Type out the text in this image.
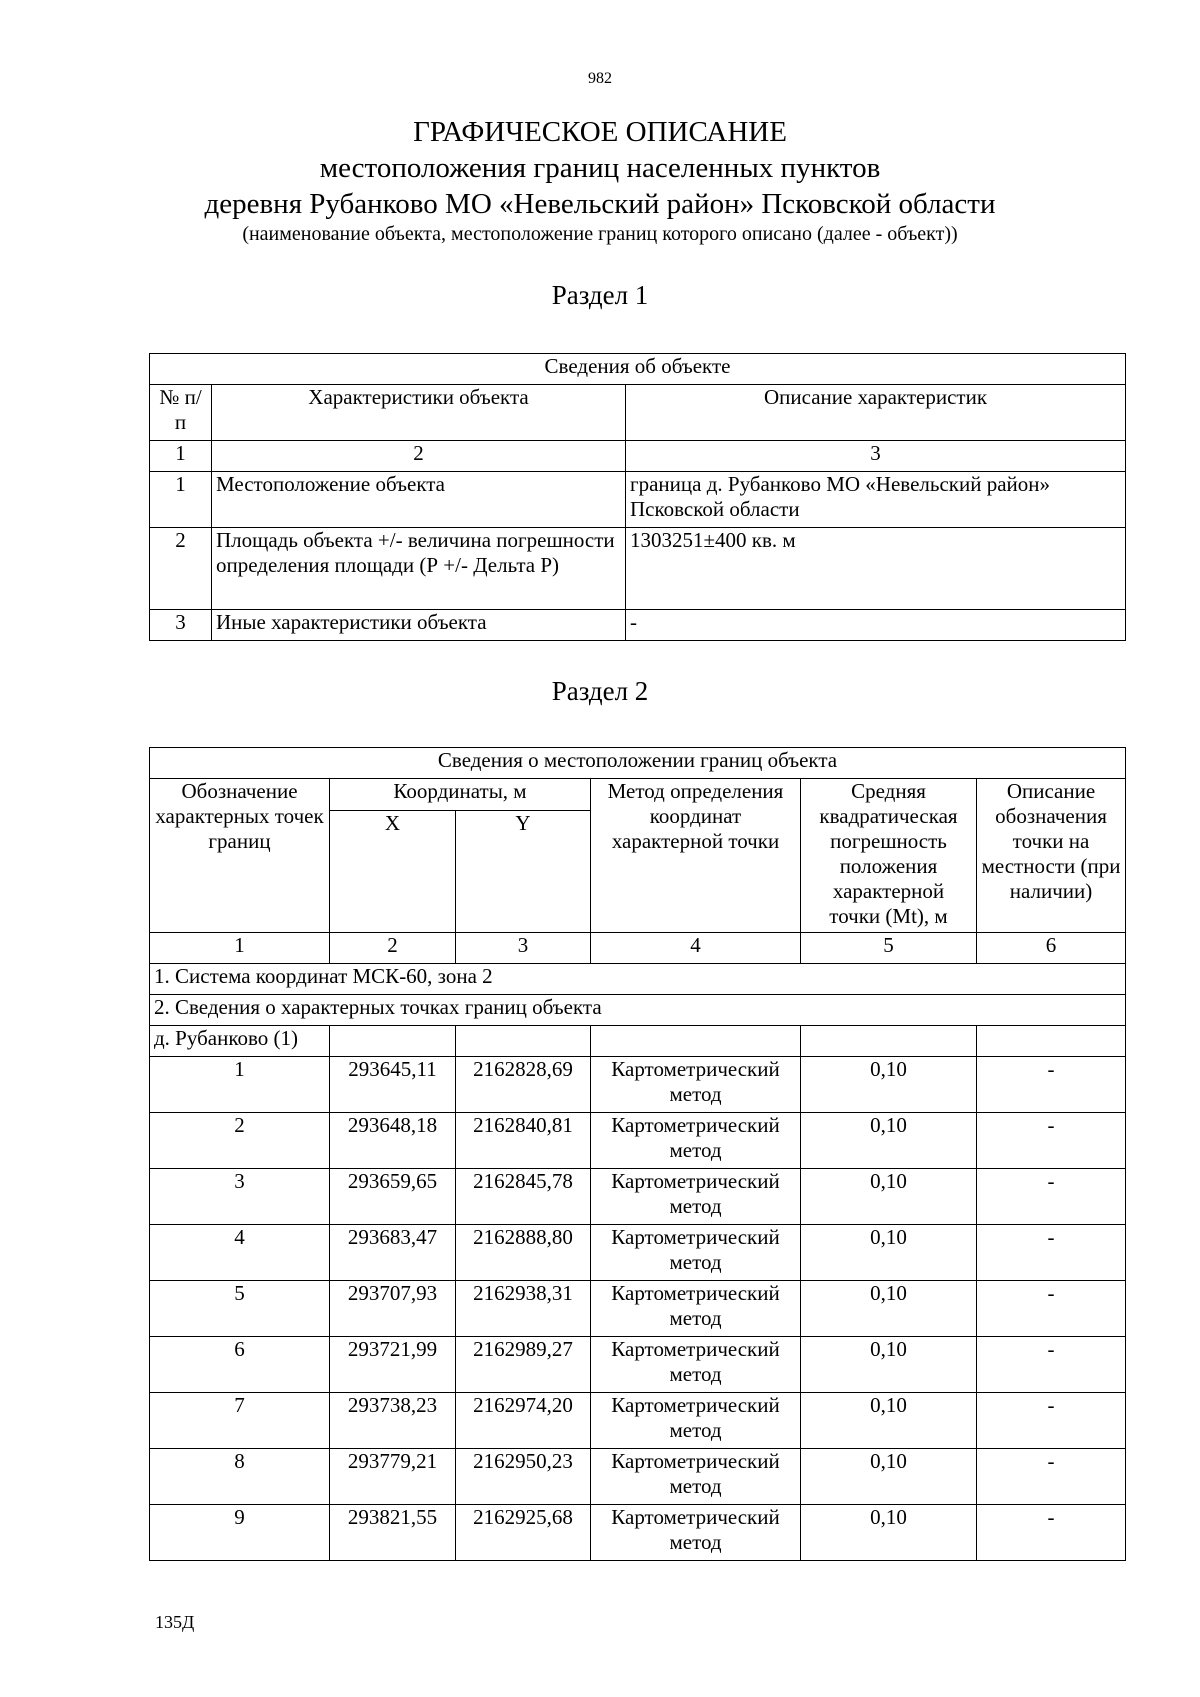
982
ГРАФИЧЕСКОЕ ОПИСАНИЕ
местоположения границ населенных пунктов
деревня Рубанково МО «Невельский район» Псковской области
(наименование объекта, местоположение границ которого описано (далее - объект))
Раздел 1
Сведения об объекте		
№ п/п	Характеристики объекта	Описание характеристик
1	2	3
1	Местоположение объекта	граница д. Рубанково МО «Невельский район» Псковской области
2	Площадь объекта +/- величина погрешности определения площади (Р +/- Дельта Р)	1303251±400 кв. м
3	Иные характеристики объекта	-
Раздел 2
Сведения о местоположении границ объекта					
Обозначение характерных точек границ	Координаты, м		Метод определения координат характерной точки	Средняя квадратическая погрешность положения характерной точки (Mt), м	Описание обозначения точки на местности (при наличии)
	X	Y			
1	2	3	4	5	6
1. Система координат МСК-60, зона 2					
2. Сведения о характерных точках границ объекта					
д. Рубанково (1)					
1	293645,11	2162828,69	Картометрический метод	0,10	-
2	293648,18	2162840,81	Картометрический метод	0,10	-
3	293659,65	2162845,78	Картометрический метод	0,10	-
4	293683,47	2162888,80	Картометрический метод	0,10	-
5	293707,93	2162938,31	Картометрический метод	0,10	-
6	293721,99	2162989,27	Картометрический метод	0,10	-
7	293738,23	2162974,20	Картометрический метод	0,10	-
8	293779,21	2162950,23	Картометрический метод	0,10	-
9	293821,55	2162925,68	Картометрический метод	0,10	-
135Д
